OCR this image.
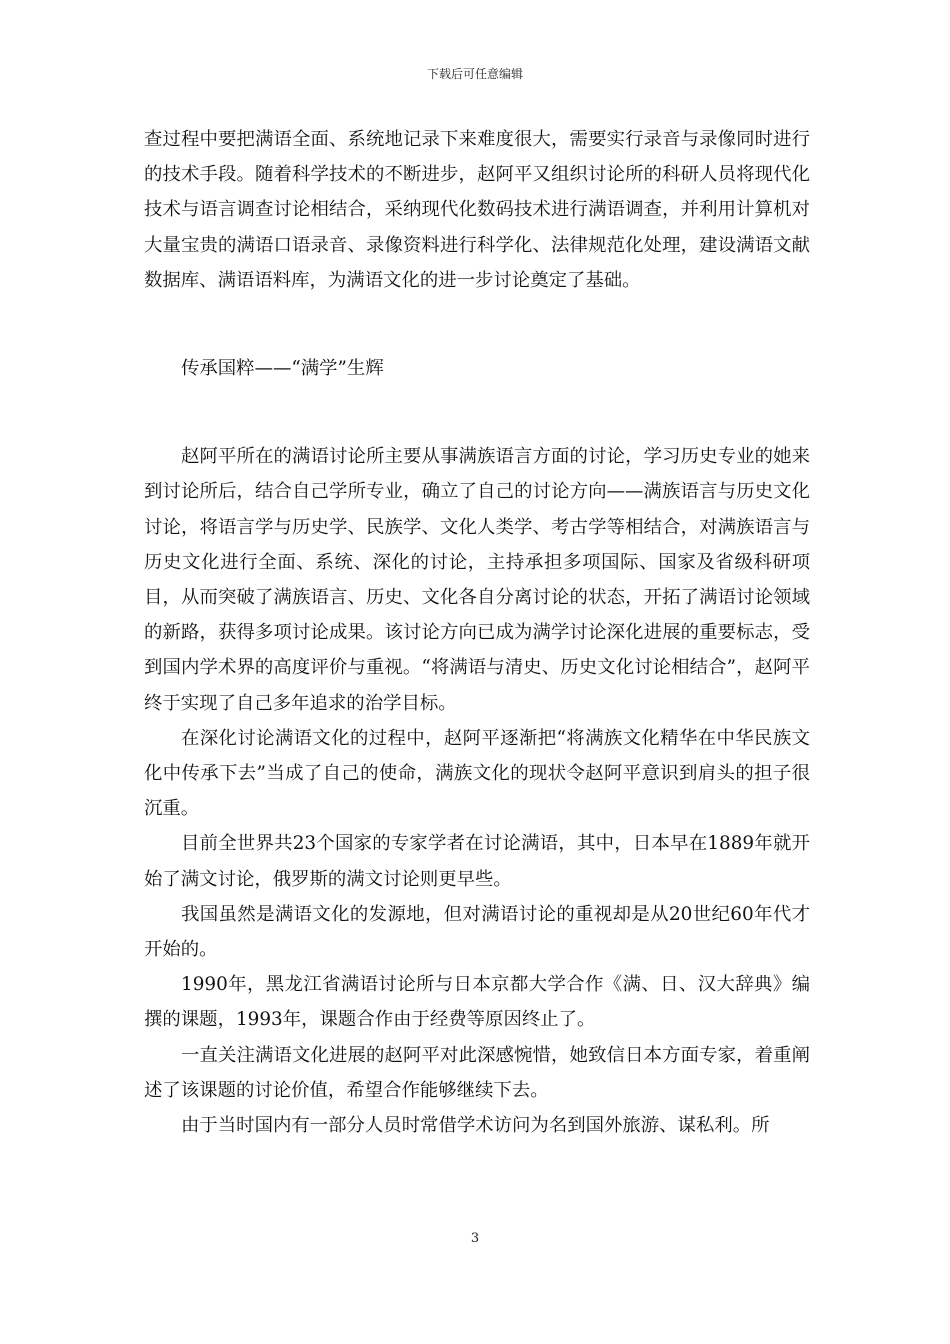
下载后可任意编辑

查过程中要把满语全面、系统地记录下来难度很大，需要实行录音与录像同时进行的技术手段。随着科学技术的不断进步，赵阿平又组织讨论所的科研人员将现代化技术与语言调查讨论相结合，采纳现代化数码技术进行满语调查，并利用计算机对大量宝贵的满语口语录音、录像资料进行科学化、法律规范化处理，建设满语文献数据库、满语语料库，为满语文化的进一步讨论奠定了基础。

传承国粹——“满学”生辉

赵阿平所在的满语讨论所主要从事满族语言方面的讨论，学习历史专业的她来到讨论所后，结合自己学所专业，确立了自己的讨论方向——满族语言与历史文化讨论，将语言学与历史学、民族学、文化人类学、考古学等相结合，对满族语言与历史文化进行全面、系统、深化的讨论，主持承担多项国际、国家及省级科研项目，从而突破了满族语言、历史、文化各自分离讨论的状态，开拓了满语讨论领域的新路，获得多项讨论成果。该讨论方向已成为满学讨论深化进展的重要标志，受到国内学术界的高度评价与重视。“将满语与清史、历史文化讨论相结合”，赵阿平终于实现了自己多年追求的治学目标。

在深化讨论满语文化的过程中，赵阿平逐渐把“将满族文化精华在中华民族文化中传承下去”当成了自己的使命，满族文化的现状令赵阿平意识到肩头的担子很沉重。

目前全世界共23个国家的专家学者在讨论满语，其中，日本早在1889年就开始了满文讨论，俄罗斯的满文讨论则更早些。

我国虽然是满语文化的发源地，但对满语讨论的重视却是从20世纪60年代才开始的。

1990年，黑龙江省满语讨论所与日本京都大学合作《满、日、汉大辞典》编撰的课题，1993年，课题合作由于经费等原因终止了。

一直关注满语文化进展的赵阿平对此深感惋惜，她致信日本方面专家，着重阐述了该课题的讨论价值，希望合作能够继续下去。

由于当时国内有一部分人员时常借学术访问为名到国外旅游、谋私利。所

3
